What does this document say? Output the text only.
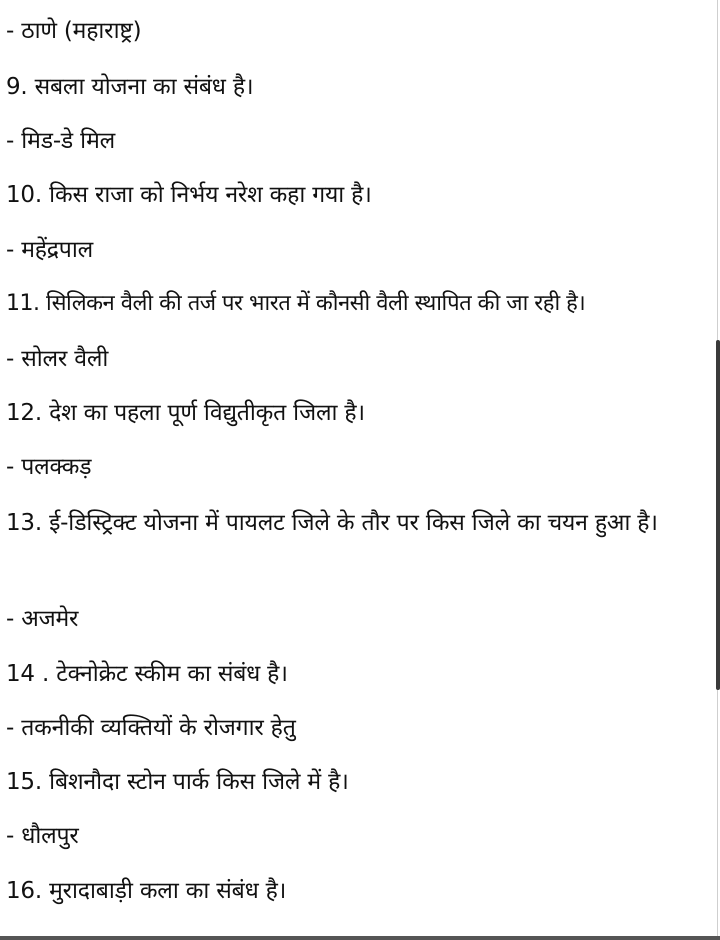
- ठाणे (महाराष्ट्र)
9. सबला योजना का संबंध है।
- मिड-डे मिल
10. किस राजा को निर्भय नरेश कहा गया है।
- महेंद्रपाल
11. सिलिकन वैली की तर्ज पर भारत में कौनसी वैली स्थापित की जा रही है।
- सोलर वैली
12. देश का पहला पूर्ण विद्युतीकृत जिला है।
- पलक्कड़
13. ई-डिस्ट्रिक्ट योजना में पायलट जिले के तौर पर किस जिले का चयन हुआ है।
- अजमेर
14 . टेक्नोक्रेट स्कीम का संबंध है।
- तकनीकी व्यक्तियों के रोजगार हेतु
15. बिशनौदा स्टोन पार्क किस जिले में है।
- धौलपुर
16. मुरादाबाड़ी कला का संबंध है।
